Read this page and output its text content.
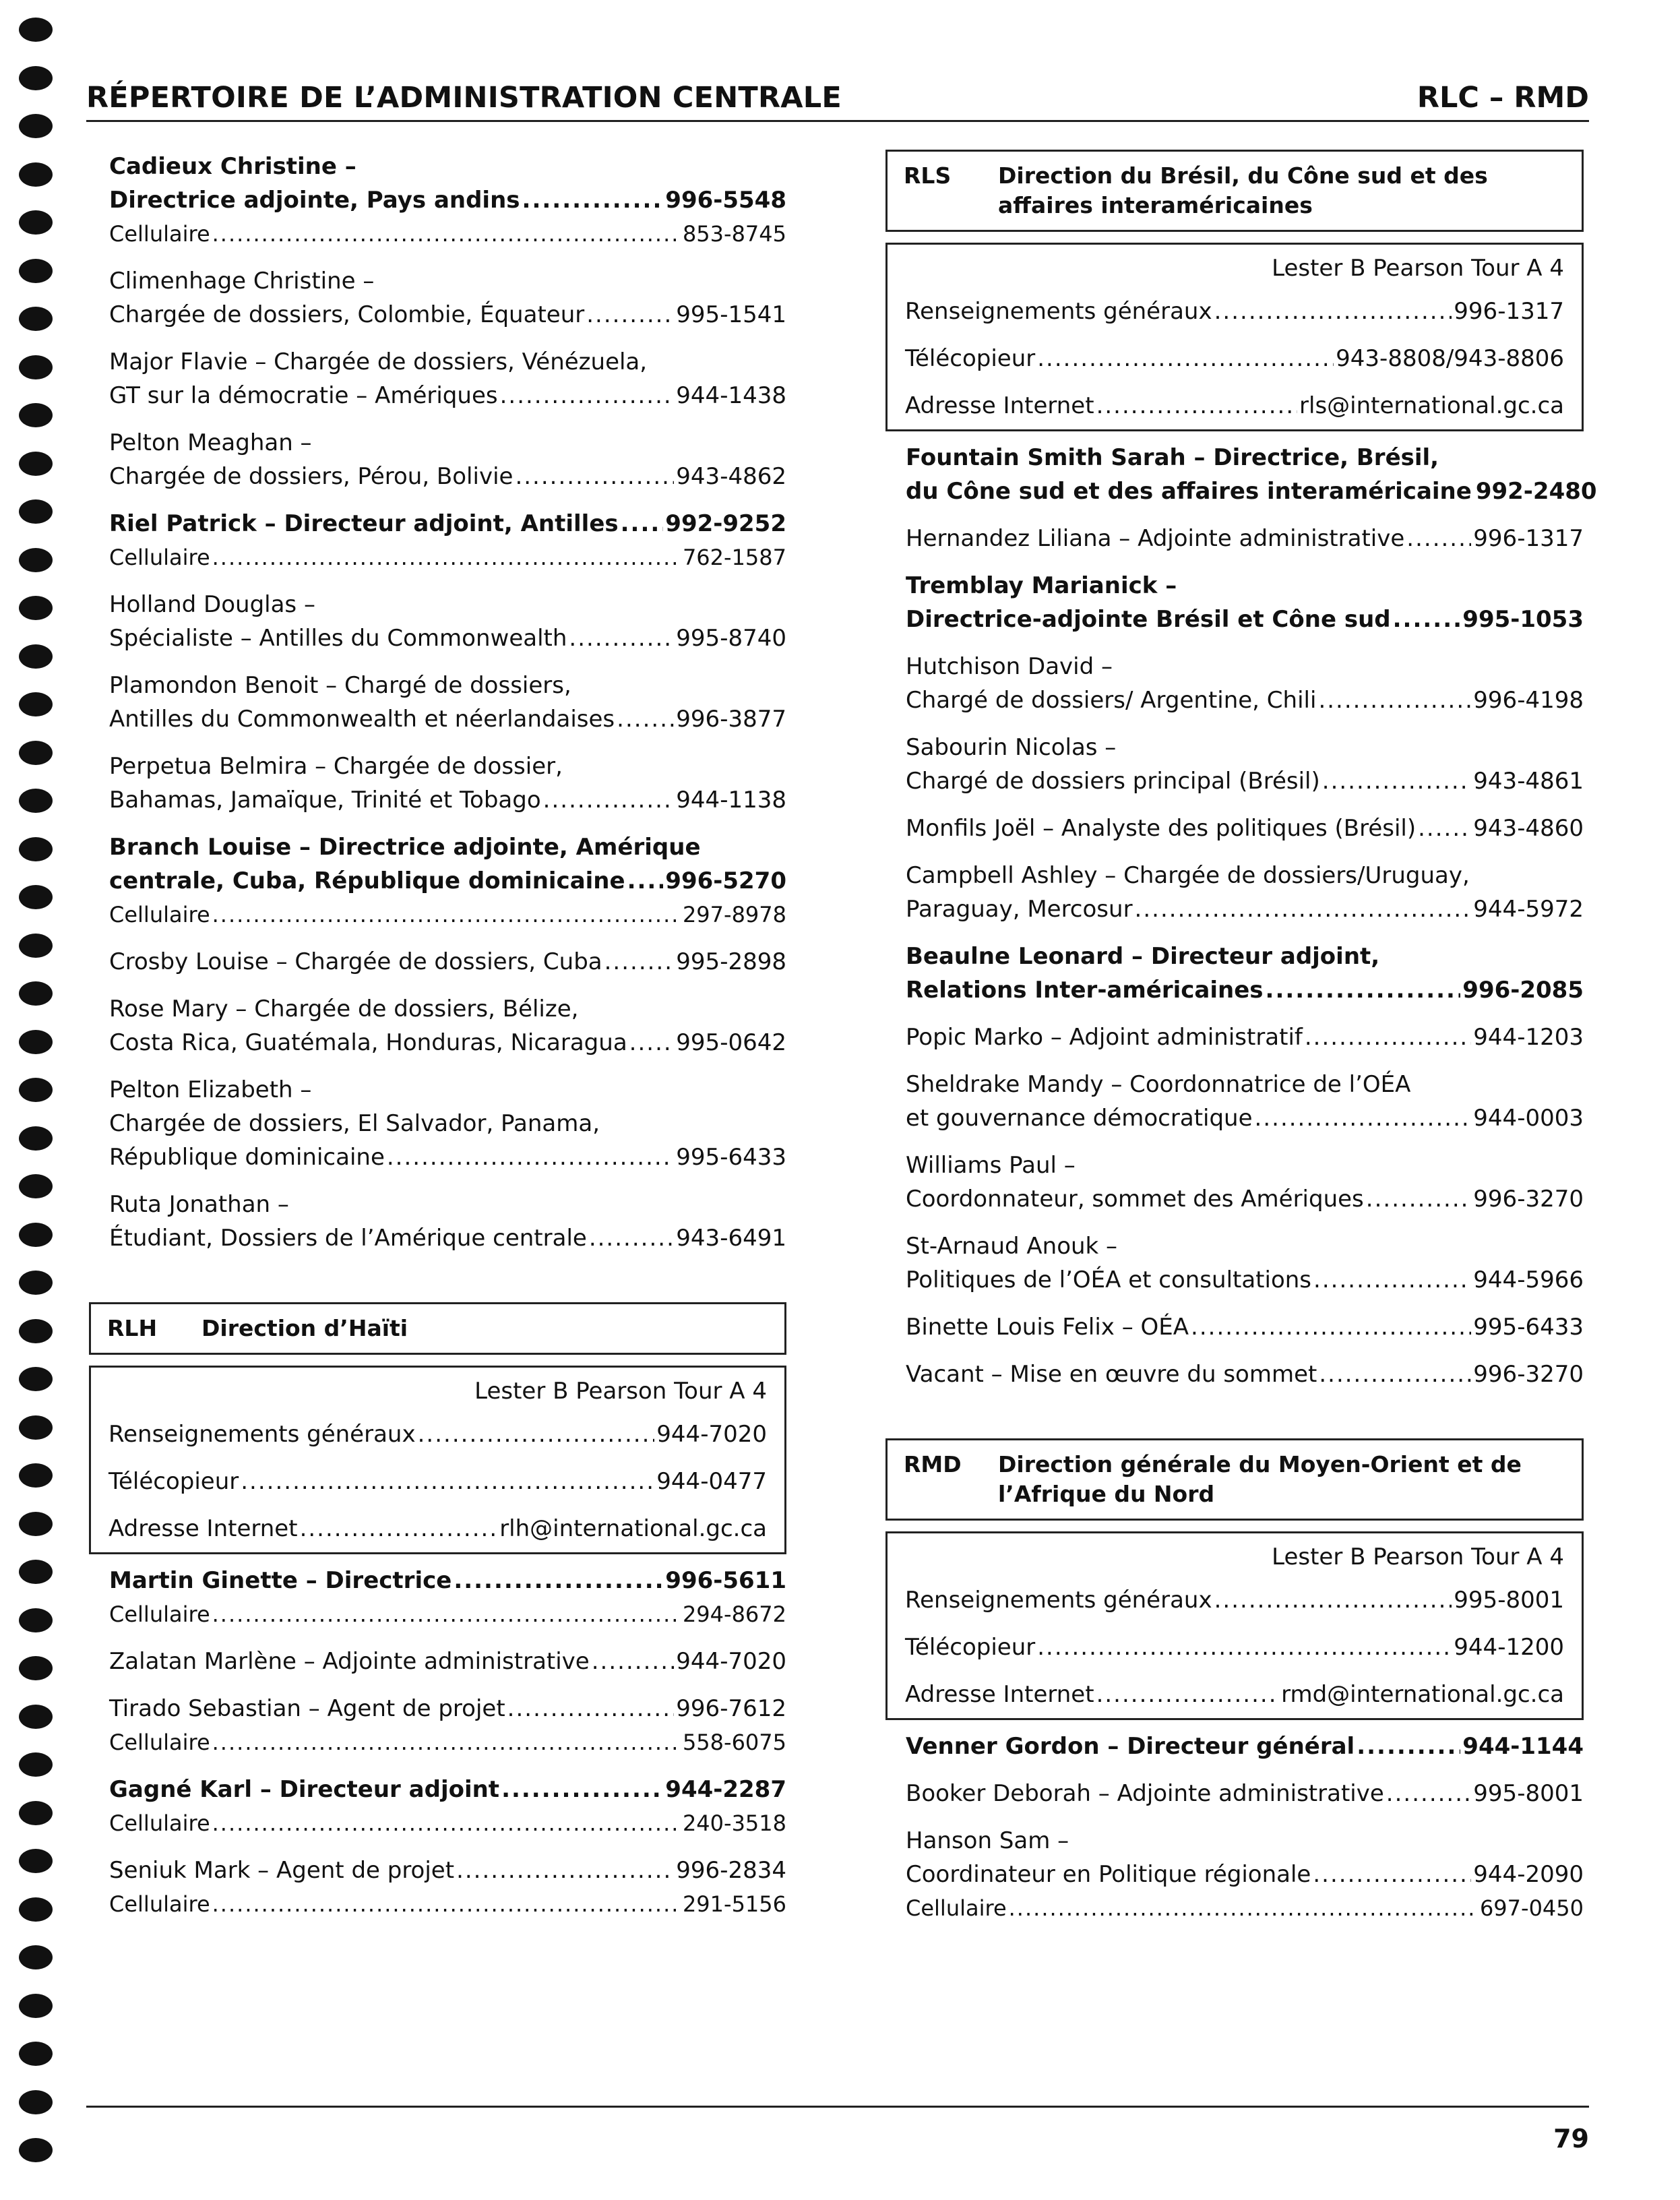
RÉPERTOIRE DE L’ADMINISTRATION CENTRALE	RLC – RMD
Cadieux Christine –
Directrice adjointe, Pays andins .....	996-5548
Cellulaire .....	853-8745
Climenhage Christine –
Chargée de dossiers, Colombie, Équateur .....	995-1541
Major Flavie – Chargée de dossiers, Vénézuela,
GT sur la démocratie – Amériques .....	944-1438
Pelton Meaghan –
Chargée de dossiers, Pérou, Bolivie .....	943-4862
Riel Patrick – Directeur adjoint, Antilles ..... 992-9252
Cellulaire .....	762-1587
Holland Douglas –
Spécialiste – Antilles du Commonwealth .....	995-8740
Plamondon Benoit – Chargé de dossiers,
Antilles du Commonwealth et néerlandaises .....	996-3877
Perpetua Belmira – Chargée de dossier,
Bahamas, Jamaïque, Trinité et Tobago .....	944-1138
Branch Louise – Directrice adjointe, Amérique
centrale, Cuba, République dominicaine ..... 996-5270
Cellulaire .....	297-8978
Crosby Louise – Chargée de dossiers, Cuba .....	995-2898
Rose Mary – Chargée de dossiers, Bélize,
Costa Rica, Guatémala, Honduras, Nicaragua ..... 995-0642
Pelton Elizabeth –
Chargée de dossiers, El Salvador, Panama,
République dominicaine .....	995-6433
Ruta Jonathan –
Étudiant, Dossiers de l’Amérique centrale .....	943-6491
RLH	Direction d’Haïti
Lester B Pearson Tour A 4
Renseignements généraux .....	944-7020
Télécopieur .....	944-0477
Adresse Internet .....	rlh@international.gc.ca
Martin Ginette – Directrice .....	996-5611
Cellulaire .....	294-8672
Zalatan Marlène – Adjointe administrative .....	944-7020
Tirado Sebastian – Agent de projet .....	996-7612
Cellulaire .....	558-6075
Gagné Karl – Directeur adjoint .....	944-2287
Cellulaire .....	240-3518
Seniuk Mark – Agent de projet .....	996-2834
Cellulaire .....	291-5156
RLS	Direction du Brésil, du Cône sud et des affaires interaméricaines
Lester B Pearson Tour A 4
Renseignements généraux .....	996-1317
Télécopieur .....	943-8808/943-8806
Adresse Internet .....	rls@international.gc.ca
Fountain Smith Sarah – Directrice, Brésil,
du Cône sud et des affaires interaméricaine 992-2480
Hernandez Liliana – Adjointe administrative .....	996-1317
Tremblay Marianick –
Directrice-adjointe Brésil et Cône sud .....	995-1053
Hutchison David –
Chargé de dossiers/ Argentine, Chili .....	996-4198
Sabourin Nicolas –
Chargé de dossiers principal (Brésil) .....	943-4861
Monfils Joël – Analyste des politiques (Brésil) .....	943-4860
Campbell Ashley – Chargée de dossiers/Uruguay,
Paraguay, Mercosur .....	944-5972
Beaulne Leonard – Directeur adjoint,
Relations Inter-américaines .....	996-2085
Popic Marko – Adjoint administratif .....	944-1203
Sheldrake Mandy – Coordonnatrice de l’OÉA
et gouvernance démocratique .....	944-0003
Williams Paul –
Coordonnateur, sommet des Amériques .....	996-3270
St-Arnaud Anouk –
Politiques de l’OÉA et consultations .....	944-5966
Binette Louis Felix – OÉA .....	995-6433
Vacant – Mise en œuvre du sommet .....	996-3270
RMD	Direction générale du Moyen-Orient et de l’Afrique du Nord
Lester B Pearson Tour A 4
Renseignements généraux .....	995-8001
Télécopieur .....	944-1200
Adresse Internet .....	rmd@international.gc.ca
Venner Gordon – Directeur général .....	944-1144
Booker Deborah – Adjointe administrative .....	995-8001
Hanson Sam –
Coordinateur en Politique régionale .....	944-2090
Cellulaire .....	697-0450
79
